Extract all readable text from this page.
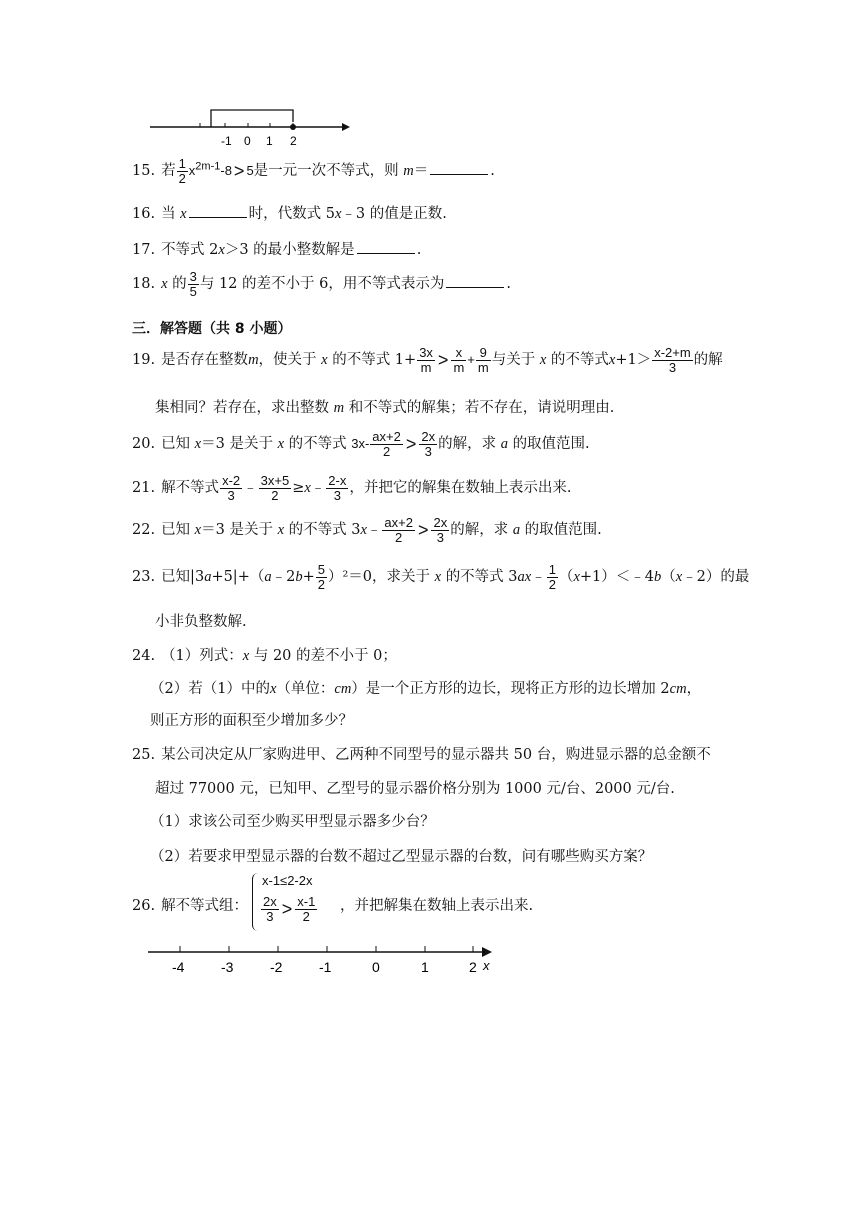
-1 0 1 2
15. 若 $\frac{1}{2} x^{2m-1}-8 > 5$是一元一次不等式，则 m＝	.
16. 当 x	时，代数式 5x﹣3 的值是正数.
17. 不等式 2x＞3 的最小整数解是	.
18. x 的 $\frac{3}{5}$ 与 12 的差不小于 6，用不等式表示为	.
三．解答题（共 8 小题）
19. 是否存在整数m，使关于 x 的不等式 $1+ \frac{3x}{m} > \frac{x}{m} + \frac{9}{m}$ 与关于 x 的不等式$x+1> \frac{x-2+m}{3}$ 的解
集相同？若存在，求出整数 m 和不等式的解集；若不存在，请说明理由.
20. 已知 x＝3 是关于 x 的不等式 $3x- \frac{ax+2}{2} > \frac{2x}{3}$ 的解，求 a 的取值范围.
21. 解不等式 $\frac{x-2}{3}$ ﹣ $\frac{3x+5}{2}$ ≥x﹣ $\frac{2-x}{3}$ ，并把它的解集在数轴上表示出来.
22. 已知 x＝3 是关于 x 的不等式 3x﹣ $\frac{ax+2}{2} > \frac{2x}{3}$ 的解，求 a 的取值范围.
23. 已知|3a+5|+（a﹣2b+ $\frac{5}{2} )^2=0$，求关于 x 的不等式 3ax﹣ $\frac{1}{2}$ （x+1）＜﹣4b（x﹣2）的最
小非负整数解.
24. （1）列式：x 与 20 的差不小于 0；
（2）若（1）中的x（单位：cm）是一个正方形的边长，现将正方形的边长增加 2cm，
则正方形的面积至少增加多少？
25. 某公司决定从厂家购进甲、乙两种不同型号的显示器共 50 台，购进显示器的总金额不
超过 77000 元，已知甲、乙型号的显示器价格分别为 1000 元/台、2000 元/台.
（1）求该公司至少购买甲型显示器多少台？
（2）若要求甲型显示器的台数不超过乙型显示器的台数，问有哪些购买方案？
26. 解不等式组：
x-1≤2-2x
$\frac{2x}{3} > \frac{x-1}{2}$ ，并把解集在数轴上表示出来.
-4	-3	-2	-1	0	1	2 x
